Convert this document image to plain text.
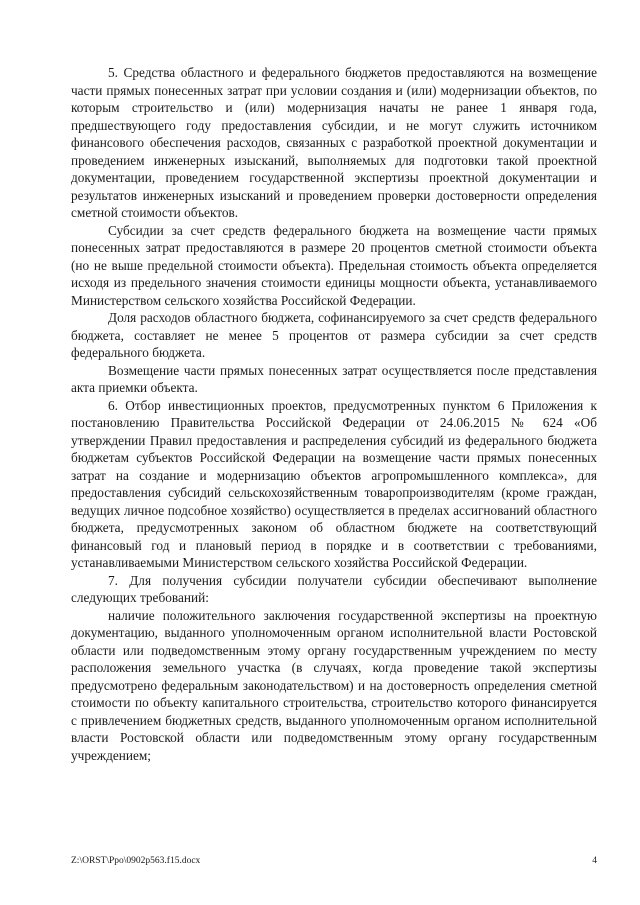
5. Средства областного и федерального бюджетов предоставляются на возмещение части прямых понесенных затрат при условии создания и (или) модернизации объектов, по которым строительство и (или) модернизация начаты не ранее 1 января года, предшествующего году предоставления субсидии, и не могут служить источником финансового обеспечения расходов, связанных с разработкой проектной документации и проведением инженерных изысканий, выполняемых для подготовки такой проектной документации, проведением государственной экспертизы проектной документации и результатов инженерных изысканий и проведением проверки достоверности определения сметной стоимости объектов.

Субсидии за счет средств федерального бюджета на возмещение части прямых понесенных затрат предоставляются в размере 20 процентов сметной стоимости объекта (но не выше предельной стоимости объекта). Предельная стоимость объекта определяется исходя из предельного значения стоимости единицы мощности объекта, устанавливаемого Министерством сельского хозяйства Российской Федерации.

Доля расходов областного бюджета, софинансируемого за счет средств федерального бюджета, составляет не менее 5 процентов от размера субсидии за счет средств федерального бюджета.

Возмещение части прямых понесенных затрат осуществляется после представления акта приемки объекта.

6. Отбор инвестиционных проектов, предусмотренных пунктом 6 Приложения к постановлению Правительства Российской Федерации от 24.06.2015 № 624 «Об утверждении Правил предоставления и распределения субсидий из федерального бюджета бюджетам субъектов Российской Федерации на возмещение части прямых понесенных затрат на создание и модернизацию объектов агропромышленного комплекса», для предоставления субсидий сельскохозяйственным товаропроизводителям (кроме граждан, ведущих личное подсобное хозяйство) осуществляется в пределах ассигнований областного бюджета, предусмотренных законом об областном бюджете на соответствующий финансовый год и плановый период в порядке и в соответствии с требованиями, устанавливаемыми Министерством сельского хозяйства Российской Федерации.

7. Для получения субсидии получатели субсидии обеспечивают выполнение следующих требований:

наличие положительного заключения государственной экспертизы на проектную документацию, выданного уполномоченным органом исполнительной власти Ростовской области или подведомственным этому органу государственным учреждением по месту расположения земельного участка (в случаях, когда проведение такой экспертизы предусмотрено федеральным законодательством) и на достоверность определения сметной стоимости по объекту капитального строительства, строительство которого финансируется с привлечением бюджетных средств, выданного уполномоченным органом исполнительной власти Ростовской области или подведомственным этому органу государственным учреждением;

Z:\ORST\Ppo\0902p563.f15.docx	4
